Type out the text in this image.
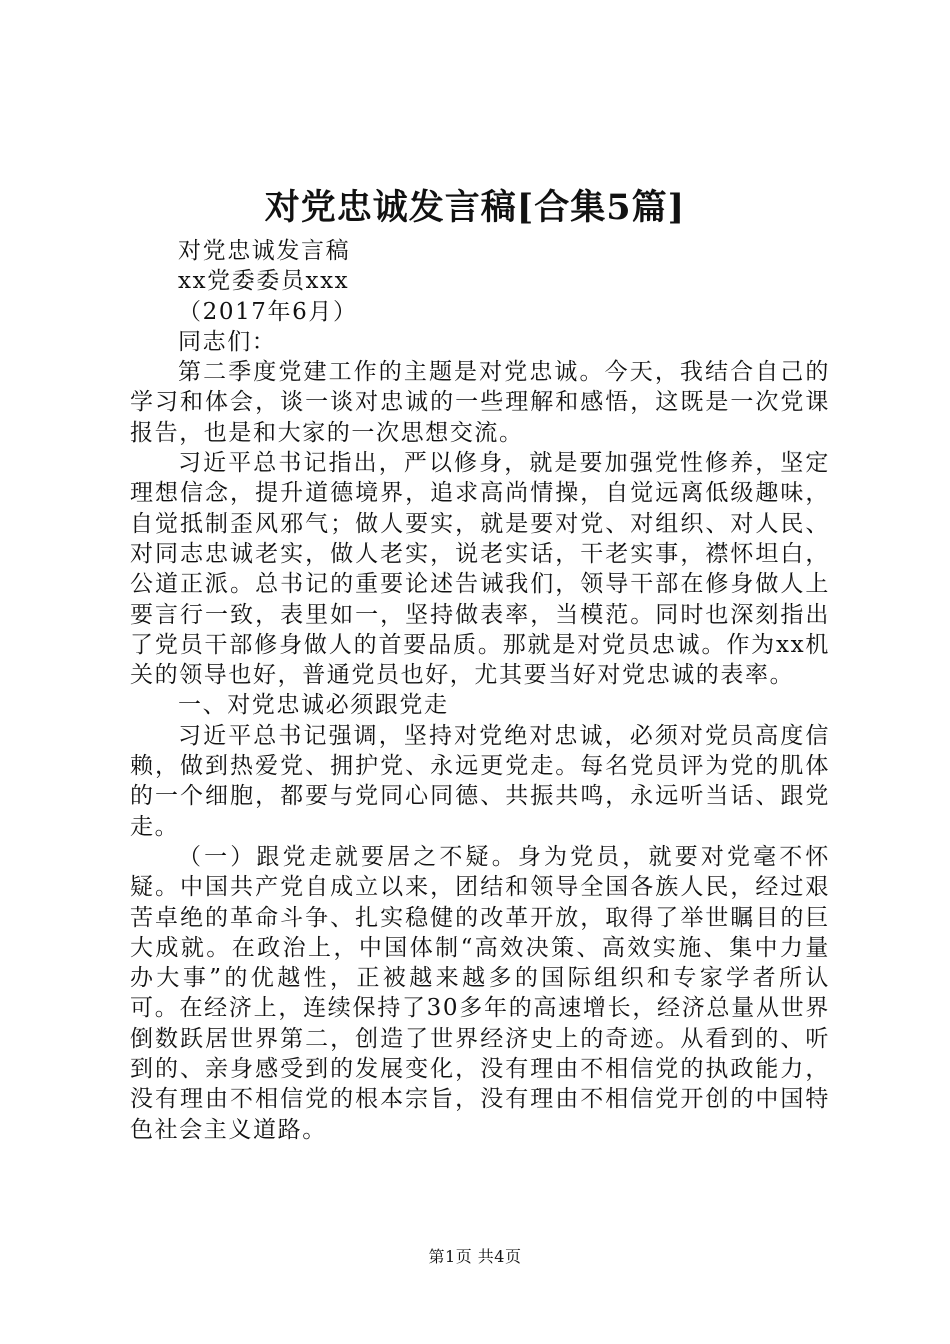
对党忠诚发言稿[合集5篇]

对党忠诚发言稿

xx党委委员xxx

（2017年6月）

同志们：

第二季度党建工作的主题是对党忠诚。今天，我结合自己的学习和体会，谈一谈对忠诚的一些理解和感悟，这既是一次党课报告，也是和大家的一次思想交流。

习近平总书记指出，严以修身，就是要加强党性修养，坚定理想信念，提升道德境界，追求高尚情操，自觉远离低级趣味，自觉抵制歪风邪气；做人要实，就是要对党、对组织、对人民、对同志忠诚老实，做人老实，说老实话，干老实事，襟怀坦白，公道正派。总书记的重要论述告诫我们，领导干部在修身做人上要言行一致，表里如一，坚持做表率，当模范。同时也深刻指出了党员干部修身做人的首要品质。那就是对党员忠诚。作为xx机关的领导也好，普通党员也好，尤其要当好对党忠诚的表率。

一、对党忠诚必须跟党走

习近平总书记强调，坚持对党绝对忠诚，必须对党员高度信赖，做到热爱党、拥护党、永远更党走。每名党员评为党的肌体的一个细胞，都要与党同心同德、共振共鸣，永远听当话、跟党走。

（一）跟党走就要居之不疑。身为党员，就要对党毫不怀疑。中国共产党自成立以来，团结和领导全国各族人民，经过艰苦卓绝的革命斗争、扎实稳健的改革开放，取得了举世瞩目的巨大成就。在政治上，中国体制“高效决策、高效实施、集中力量办大事”的优越性，正被越来越多的国际组织和专家学者所认可。在经济上，连续保持了30多年的高速增长，经济总量从世界倒数跃居世界第二，创造了世界经济史上的奇迹。从看到的、听到的、亲身感受到的发展变化，没有理由不相信党的执政能力，没有理由不相信党的根本宗旨，没有理由不相信党开创的中国特色社会主义道路。

第1页 共4页
